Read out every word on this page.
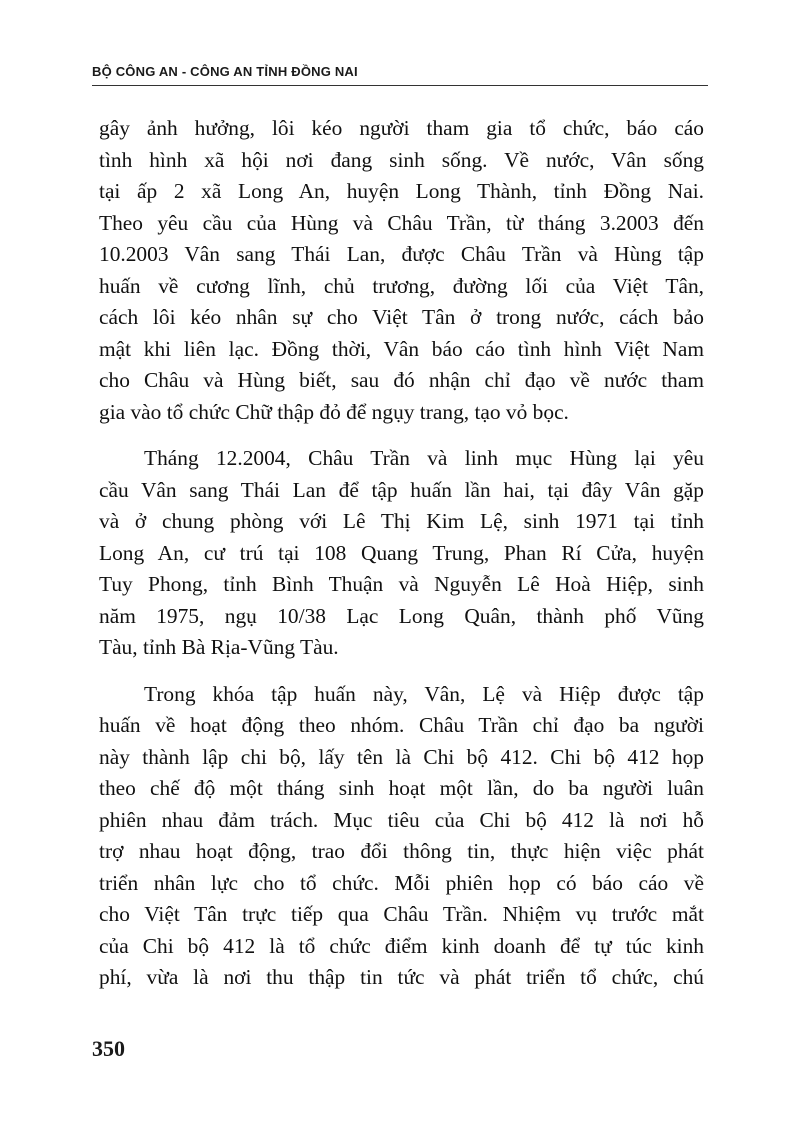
BỘ CÔNG AN - CÔNG AN TỈNH ĐỒNG NAI
gây ảnh hưởng, lôi kéo người tham gia tổ chức, báo cáo
tình hình xã hội nơi đang sinh sống. Về nước, Vân sống
tại ấp 2 xã Long An, huyện Long Thành, tỉnh Đồng Nai.
Theo yêu cầu của Hùng và Châu Trần, từ tháng 3.2003 đến
10.2003 Vân sang Thái Lan, được Châu Trần và Hùng tập
huấn về cương lĩnh, chủ trương, đường lối của Việt Tân,
cách lôi kéo nhân sự cho Việt Tân ở trong nước, cách bảo
mật khi liên lạc. Đồng thời, Vân báo cáo tình hình Việt Nam
cho Châu và Hùng biết, sau đó nhận chỉ đạo về nước tham
gia vào tổ chức Chữ thập đỏ để ngụy trang, tạo vỏ bọc.
Tháng 12.2004, Châu Trần và linh mục Hùng lại yêu
cầu Vân sang Thái Lan để tập huấn lần hai, tại đây Vân gặp
và ở chung phòng với Lê Thị Kim Lệ, sinh 1971 tại tỉnh
Long An, cư trú tại 108 Quang Trung, Phan Rí Cửa, huyện
Tuy Phong, tỉnh Bình Thuận và Nguyễn Lê Hoà Hiệp, sinh
năm 1975, ngụ 10/38 Lạc Long Quân, thành phố Vũng
Tàu, tỉnh Bà Rịa-Vũng Tàu.
Trong khóa tập huấn này, Vân, Lệ và Hiệp được tập
huấn về hoạt động theo nhóm. Châu Trần chỉ đạo ba người
này thành lập chi bộ, lấy tên là Chi bộ 412. Chi bộ 412 họp
theo chế độ một tháng sinh hoạt một lần, do ba người luân
phiên nhau đảm trách. Mục tiêu của Chi bộ 412 là nơi hỗ
trợ nhau hoạt động, trao đổi thông tin, thực hiện việc phát
triển nhân lực cho tổ chức. Mỗi phiên họp có báo cáo về
cho Việt Tân trực tiếp qua Châu Trần. Nhiệm vụ trước mắt
của Chi bộ 412 là tổ chức điểm kinh doanh để tự túc kinh
phí, vừa là nơi thu thập tin tức và phát triển tổ chức, chú
350
